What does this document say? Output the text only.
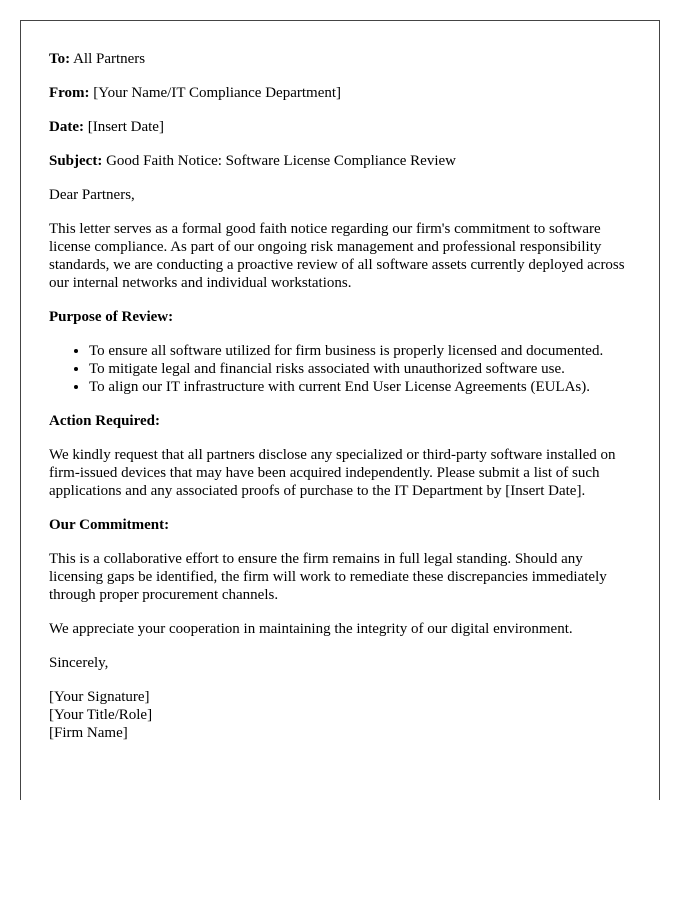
To: All Partners

From: [Your Name/IT Compliance Department]

Date: [Insert Date]

Subject: Good Faith Notice: Software License Compliance Review

Dear Partners,

This letter serves as a formal good faith notice regarding our firm's commitment to software license compliance. As part of our ongoing risk management and professional responsibility standards, we are conducting a proactive review of all software assets currently deployed across our internal networks and individual workstations.

Purpose of Review:
• To ensure all software utilized for firm business is properly licensed and documented.
• To mitigate legal and financial risks associated with unauthorized software use.
• To align our IT infrastructure with current End User License Agreements (EULAs).
Action Required:

We kindly request that all partners disclose any specialized or third-party software installed on firm-issued devices that may have been acquired independently. Please submit a list of such applications and any associated proofs of purchase to the IT Department by [Insert Date].

Our Commitment:

This is a collaborative effort to ensure the firm remains in full legal standing. Should any licensing gaps be identified, the firm will work to remediate these discrepancies immediately through proper procurement channels.

We appreciate your cooperation in maintaining the integrity of our digital environment.

Sincerely,

[Your Signature]
[Your Title/Role]
[Firm Name]
